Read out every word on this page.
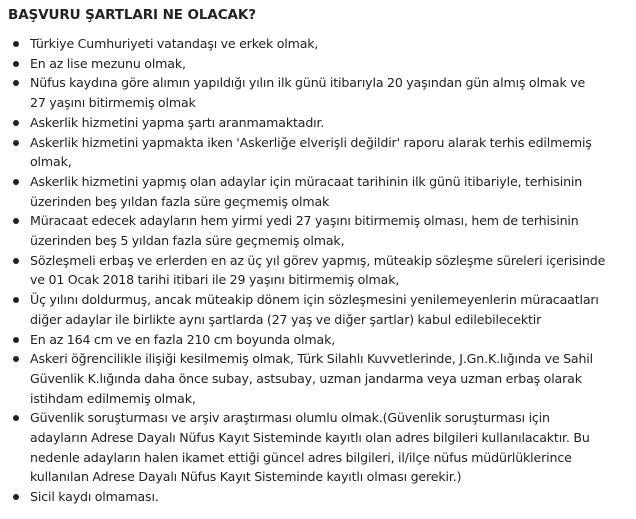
BAŞVURU ŞARTLARI NE OLACAK?
Türkiye Cumhuriyeti vatandaşı ve erkek olmak,
En az lise mezunu olmak,
Nüfus kaydına göre alımın yapıldığı yılın ilk günü itibarıyla 20 yaşından gün almış olmak ve
27 yaşını bitirmemiş olmak
Askerlik hizmetini yapma şartı aranmamaktadır.
Askerlik hizmetini yapmakta iken 'Askerliğe elverişli değildir' raporu alarak terhis edilmemiş
olmak,
Askerlik hizmetini yapmış olan adaylar için müracaat tarihinin ilk günü itibariyle, terhisinin
üzerinden beş yıldan fazla süre geçmemiş olmak
Müracaat edecek adayların hem yirmi yedi 27 yaşını bitirmemiş olması, hem de terhisinin
üzerinden beş 5 yıldan fazla süre geçmemiş olmak,
Sözleşmeli erbaş ve erlerden en az üç yıl görev yapmış, müteakip sözleşme süreleri içerisinde
ve 01 Ocak 2018 tarihi itibari ile 29 yaşını bitirmemiş olmak,
Üç yılını doldurmuş, ancak müteakip dönem için sözleşmesini yenilemeyenlerin müracaatları
diğer adaylar ile birlikte aynı şartlarda (27 yaş ve diğer şartlar) kabul edilebilecektir
En az 164 cm ve en fazla 210 cm boyunda olmak,
Askeri öğrencilikle ilişiği kesilmemiş olmak, Türk Silahlı Kuvvetlerinde, J.Gn.K.lığında ve Sahil
Güvenlik K.lığında daha önce subay, astsubay, uzman jandarma veya uzman erbaş olarak
istihdam edilmemiş olmak,
Güvenlik soruşturması ve arşiv araştırması olumlu olmak.(Güvenlik soruşturması için
adayların Adrese Dayalı Nüfus Kayıt Sisteminde kayıtlı olan adres bilgileri kullanılacaktır. Bu
nedenle adayların halen ikamet ettiği güncel adres bilgileri, il/ilçe nüfus müdürlüklerince
kullanılan Adrese Dayalı Nüfus Kayıt Sisteminde kayıtlı olması gerekir.)
Sicil kaydı olmaması.
